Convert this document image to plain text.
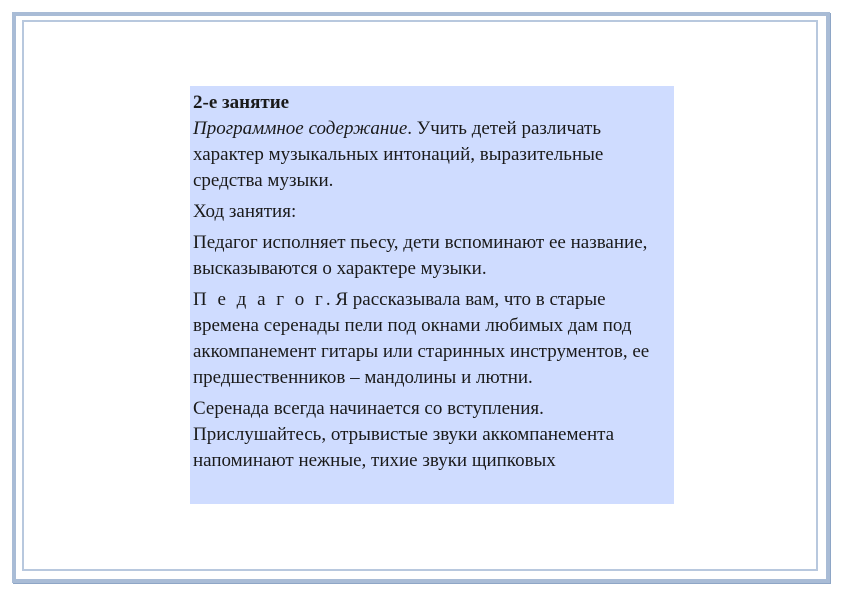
2-е занятие

Программное содержание. Учить детей различать характер музыкальных интонаций, выразительные средства музыки.

Ход занятия:

Педагог исполняет пьесу, дети вспоминают ее название, высказываются о характере музыки.

П е д а г о г. Я рассказывала вам, что в старые времена серенады пели под окнами любимых дам под аккомпанемент гитары или старинных инструментов, ее предшественников – мандолины и лютни.

Серенада всегда начинается со вступления. Прислушайтесь, отрывистые звуки аккомпанемента напоминают нежные, тихие звуки щипковых
